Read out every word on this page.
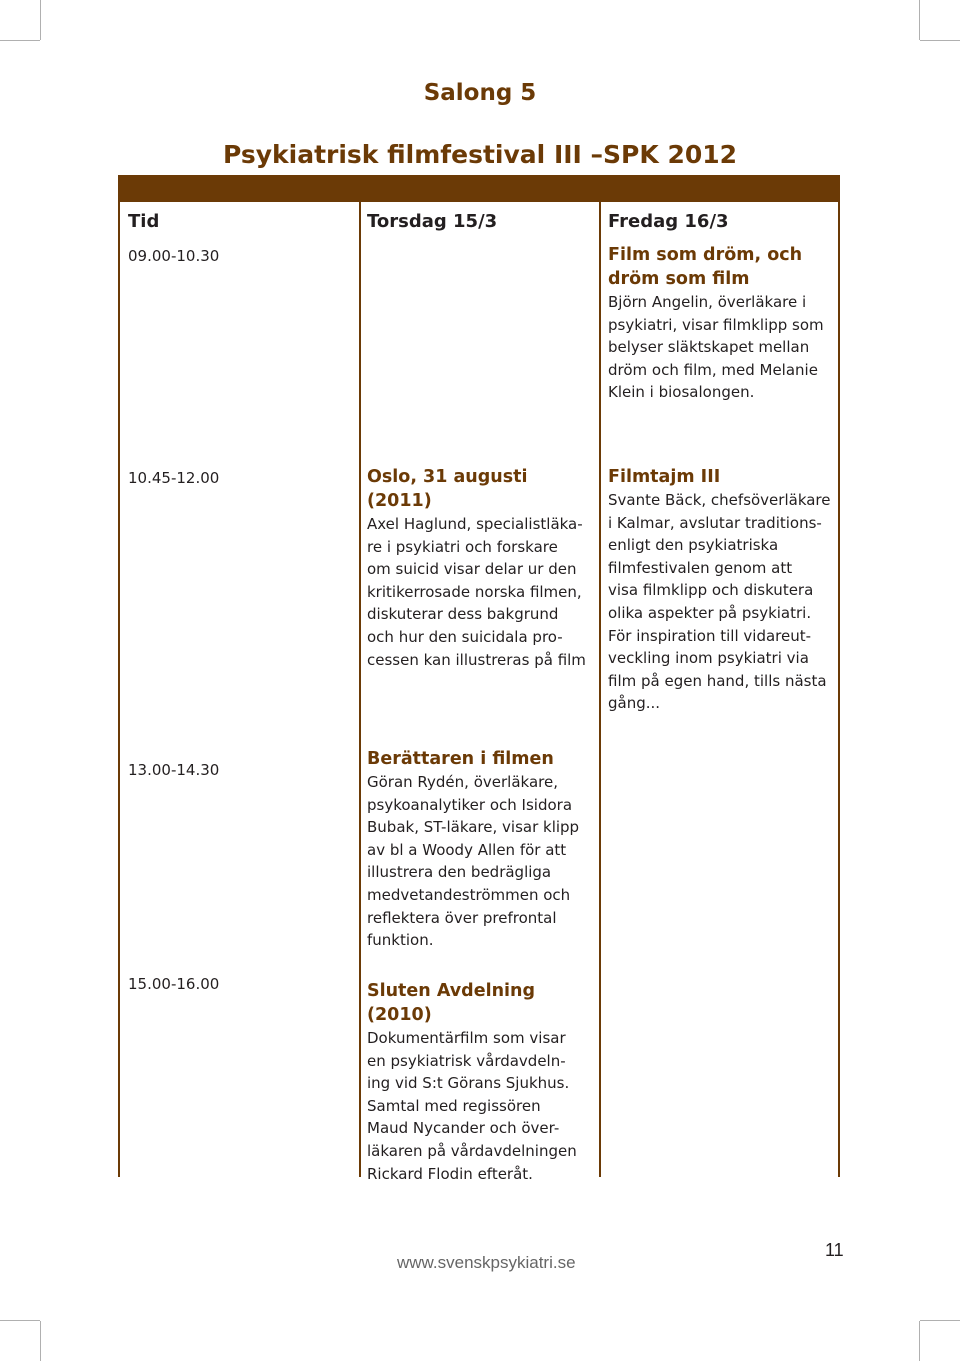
Salong 5
Psykiatrisk filmfestival III –SPK 2012
Tid	Torsdag 15/3	Fredag 16/3
09.00-10.30
10.45-12.00
13.00-14.30
15.00-16.00
Film som dröm, och
dröm som film
Björn Angelin, överläkare i
psykiatri, visar filmklipp som
belyser släktskapet mellan
dröm och film, med Melanie
Klein i biosalongen.
Oslo, 31 augusti (2011)
Axel Haglund, specialistläka-
re i psykiatri och forskare
om suicid visar delar ur den
kritikerrosade norska filmen,
diskuterar dess bakgrund
och hur den suicidala pro-
cessen kan illustreras på film
Filmtajm III
Svante Bäck, chefsöverläkare
i Kalmar, avslutar traditions-
enligt den psykiatriska
filmfestivalen genom att
visa filmklipp och diskutera
olika aspekter på psykiatri.
För inspiration till vidareut-
veckling inom psykiatri via
film på egen hand, tills nästa
gång...
Berättaren i filmen
Göran Rydén, överläkare,
psykoanalytiker och Isidora
Bubak, ST-läkare, visar klipp
av bl a Woody Allen för att
illustrera den bedrägliga
medvetandeströmmen och
reflektera över prefrontal
funktion.
Sluten Avdelning (2010)
Dokumentärfilm som visar
en psykiatrisk vårdavdeln-
ing vid S:t Görans Sjukhus.
Samtal med regissören
Maud Nycander och över-
läkaren på vårdavdelningen
Rickard Flodin efteråt.
www.svenskpsykiatri.se
11
